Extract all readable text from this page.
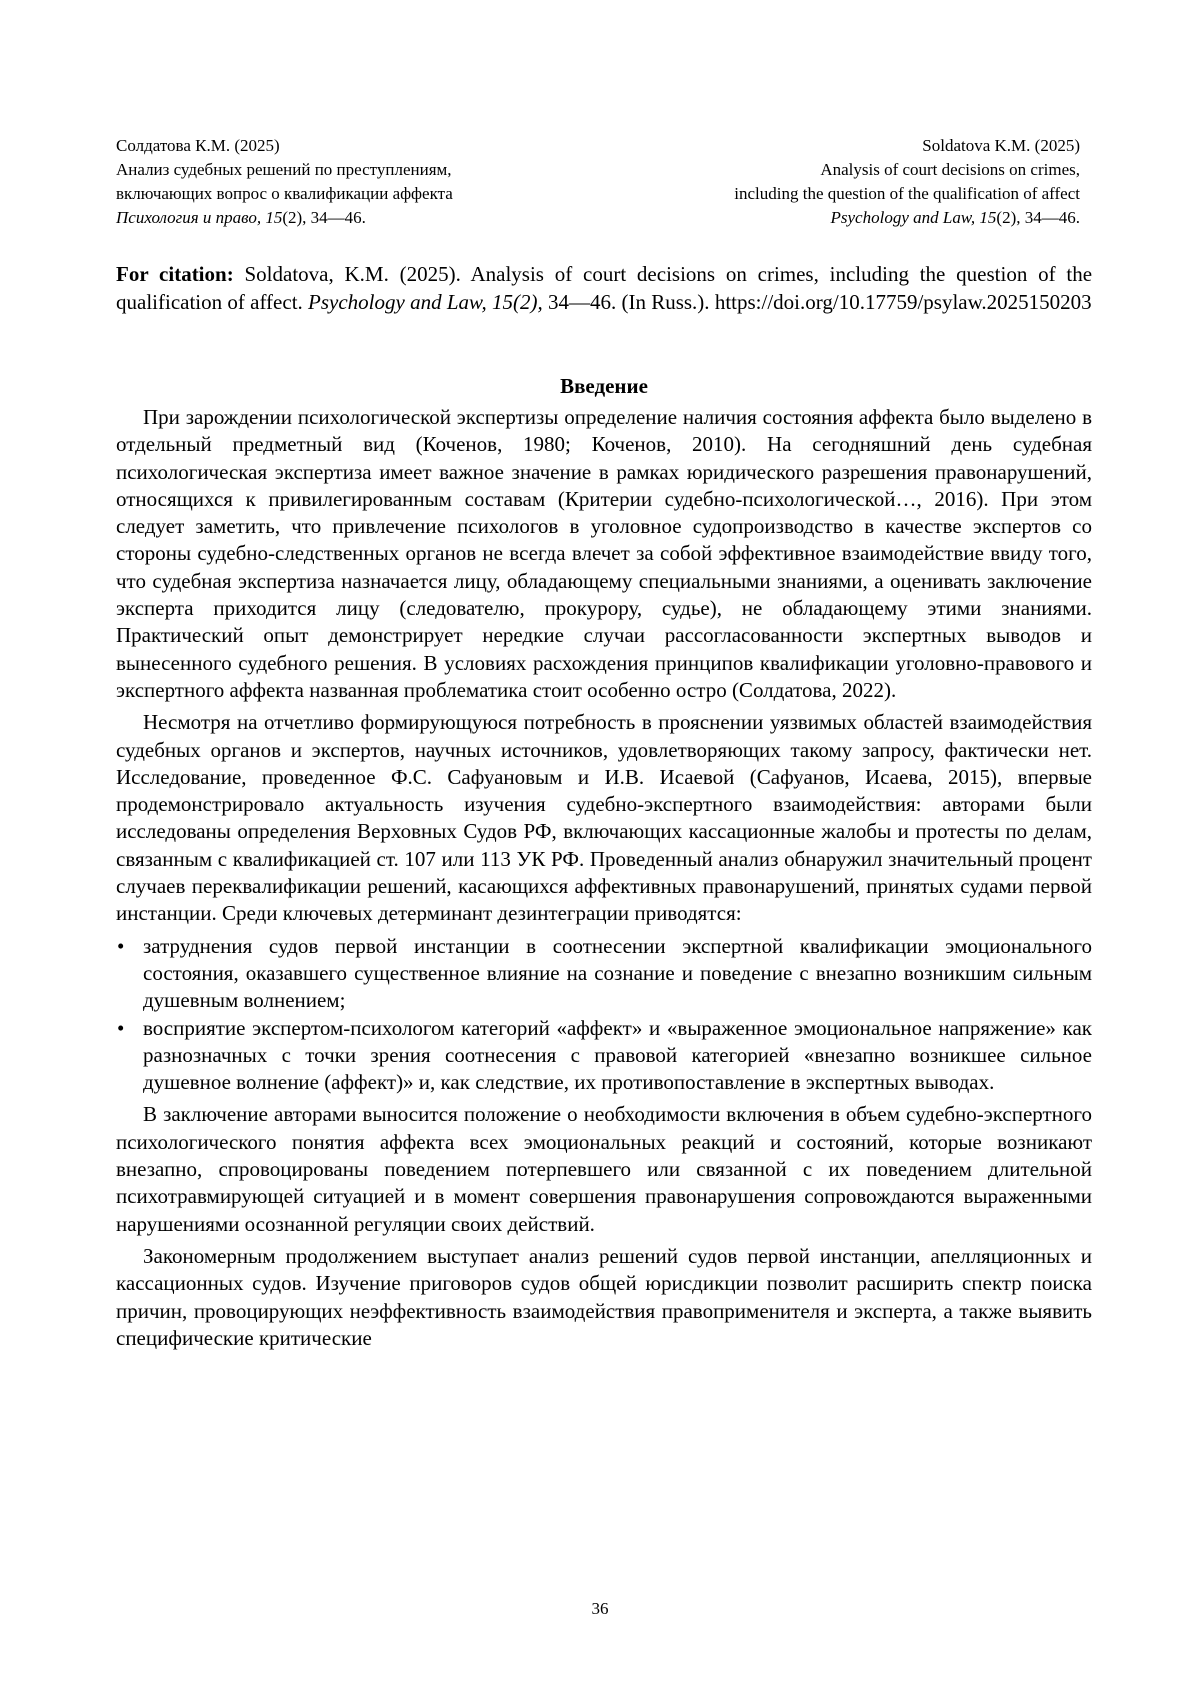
Солдатова К.М. (2025)
Анализ судебных решений по преступлениям,
включающих вопрос о квалификации аффекта
Психология и право, 15(2), 34—46.
Soldatova K.M. (2025)
Analysis of court decisions on crimes,
including the question of the qualification of affect
Psychology and Law, 15(2), 34—46.
For citation: Soldatova, K.M. (2025). Analysis of court decisions on crimes, including the question of the qualification of affect. Psychology and Law, 15(2), 34—46. (In Russ.). https://doi.org/10.17759/psylaw.2025150203
Введение

При зарождении психологической экспертизы определение наличия состояния аффекта было выделено в отдельный предметный вид (Коченов, 1980; Коченов, 2010). На сегодняшний день судебная психологическая экспертиза имеет важное значение в рамках юридического разрешения правонарушений, относящихся к привилегированным составам (Критерии судебно-психологической…, 2016). При этом следует заметить, что привлечение психологов в уголовное судопроизводство в качестве экспертов со стороны судебно-следственных органов не всегда влечет за собой эффективное взаимодействие ввиду того, что судебная экспертиза назначается лицу, обладающему специальными знаниями, а оценивать заключение эксперта приходится лицу (следователю, прокурору, судье), не обладающему этими знаниями. Практический опыт демонстрирует нередкие случаи рассогласованности экспертных выводов и вынесенного судебного решения. В условиях расхождения принципов квалификации уголовно-правового и экспертного аффекта названная проблематика стоит особенно остро (Солдатова, 2022).

Несмотря на отчетливо формирующуюся потребность в прояснении уязвимых областей взаимодействия судебных органов и экспертов, научных источников, удовлетворяющих такому запросу, фактически нет. Исследование, проведенное Ф.С. Сафуановым и И.В. Исаевой (Сафуанов, Исаева, 2015), впервые продемонстрировало актуальность изучения судебно-экспертного взаимодействия: авторами были исследованы определения Верховных Судов РФ, включающих кассационные жалобы и протесты по делам, связанным с квалификацией ст. 107 или 113 УК РФ. Проведенный анализ обнаружил значительный процент случаев переквалификации решений, касающихся аффективных правонарушений, принятых судами первой инстанции. Среди ключевых детерминант дезинтеграции приводятся:

• затруднения судов первой инстанции в соотнесении экспертной квалификации эмоционального состояния, оказавшего существенное влияние на сознание и поведение с внезапно возникшим сильным душевным волнением;
• восприятие экспертом-психологом категорий «аффект» и «выраженное эмоциональное напряжение» как разнозначных с точки зрения соотнесения с правовой категорией «внезапно возникшее сильное душевное волнение (аффект)» и, как следствие, их противопоставление в экспертных выводах.

В заключение авторами выносится положение о необходимости включения в объем судебно-экспертного психологического понятия аффекта всех эмоциональных реакций и состояний, которые возникают внезапно, спровоцированы поведением потерпевшего или связанной с их поведением длительной психотравмирующей ситуацией и в момент совершения правонарушения сопровождаются выраженными нарушениями осознанной регуляции своих действий.

Закономерным продолжением выступает анализ решений судов первой инстанции, апелляционных и кассационных судов. Изучение приговоров судов общей юрисдикции позволит расширить спектр поиска причин, провоцирующих неэффективность взаимодействия правоприменителя и эксперта, а также выявить специфические критические

36
